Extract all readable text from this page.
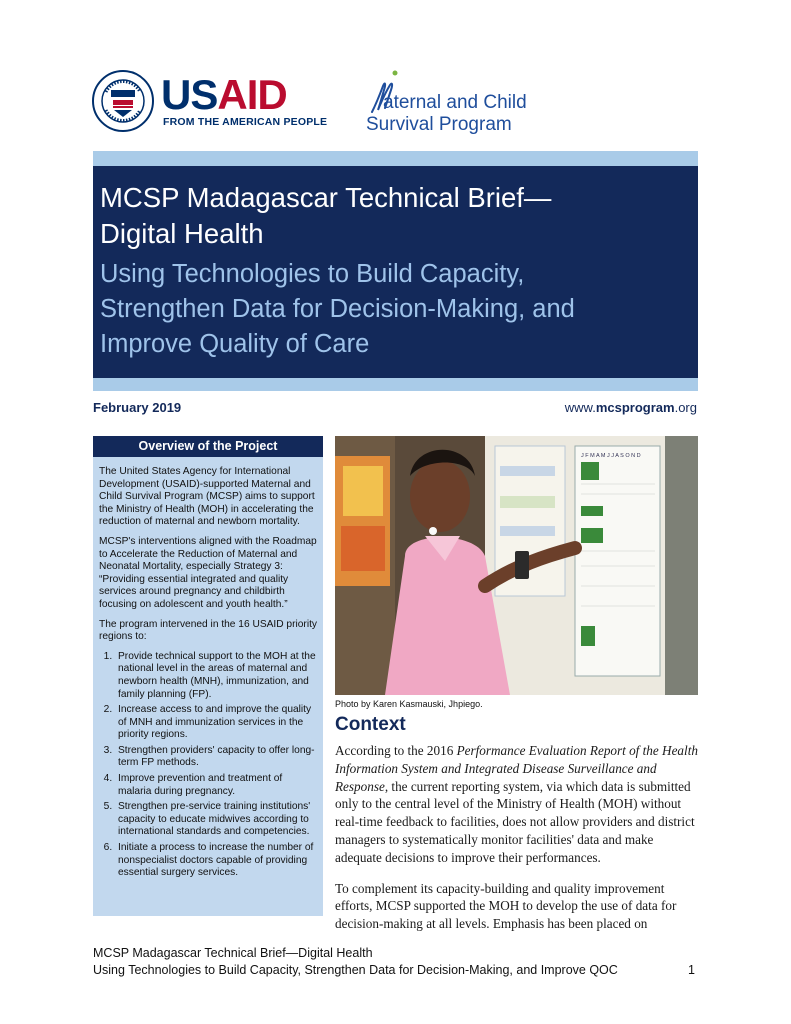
USAID
FROM THE AMERICAN PEOPLE
aternal and Child
Survival Program
MCSP Madagascar Technical Brief—
Digital Health
Using Technologies to Build Capacity,
Strengthen Data for Decision-Making, and
Improve Quality of Care
February 2019	www.mcsprogram.org
Overview of the Project

The United States Agency for International Development (USAID)-supported Maternal and Child Survival Program (MCSP) aims to support the Ministry of Health (MOH) in accelerating the reduction of maternal and newborn mortality.

MCSP's interventions aligned with the Roadmap to Accelerate the Reduction of Maternal and Neonatal Mortality, especially Strategy 3: “Providing essential integrated and quality services around pregnancy and childbirth focusing on adolescent and youth health.”

The program intervened in the 16 USAID priority regions to:

1. Provide technical support to the MOH at the national level in the areas of maternal and newborn health (MNH), immunization, and family planning (FP).
2. Increase access to and improve the quality of MNH and immunization services in the priority regions.
3. Strengthen providers' capacity to offer long-term FP methods.
4. Improve prevention and treatment of malaria during pregnancy.
5. Strengthen pre-service training institutions' capacity to educate midwives according to international standards and competencies.
6. Initiate a process to increase the number of nonspecialist doctors capable of providing essential surgery services.
J F M A M J J A S O N D
Photo by Karen Kasmauski, Jhpiego.
Context

According to the 2016 Performance Evaluation Report of the Health Information System and Integrated Disease Surveillance and Response, the current reporting system, via which data is submitted only to the central level of the Ministry of Health (MOH) without real-time feedback to facilities, does not allow providers and district managers to systematically monitor facilities' data and make adequate decisions to improve their performances.

To complement its capacity-building and quality improvement efforts, MCSP supported the MOH to develop the use of data for decision-making at all levels. Emphasis has been placed on

MCSP Madagascar Technical Brief—Digital Health
Using Technologies to Build Capacity, Strengthen Data for Decision-Making, and Improve QOC	1
